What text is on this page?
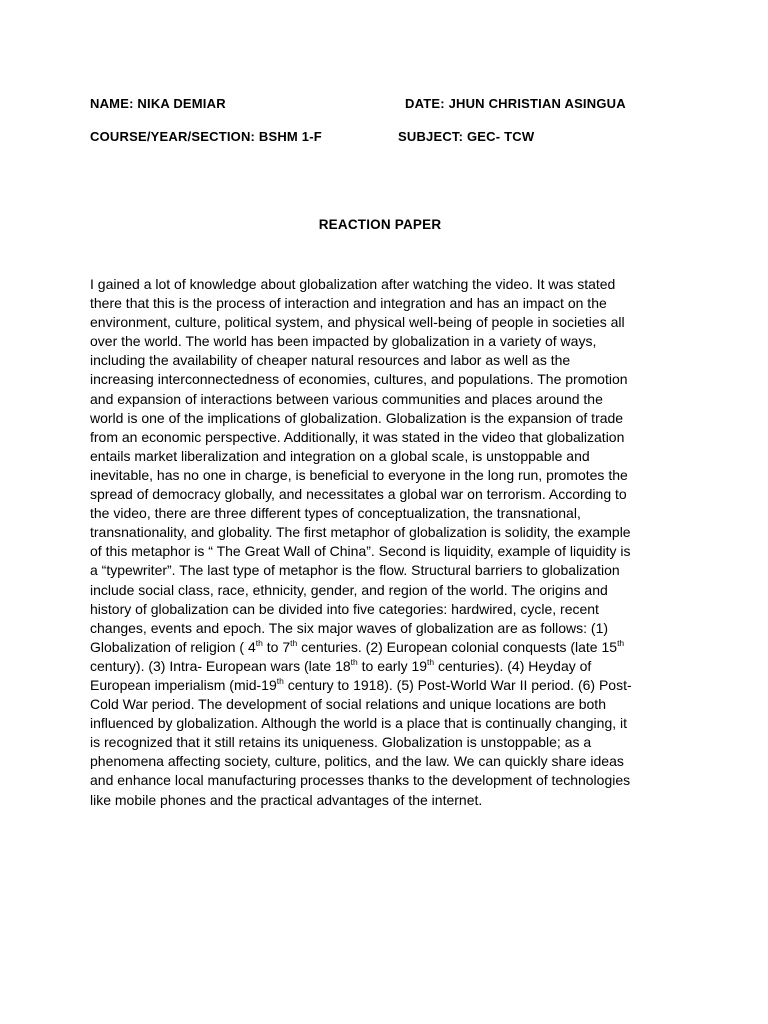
NAME: NIKA DEMIAR	DATE: JHUN CHRISTIAN ASINGUA
COURSE/YEAR/SECTION: BSHM 1-F	SUBJECT: GEC- TCW
REACTION PAPER
I gained a lot of knowledge about globalization after watching the video. It was stated
there that this is the process of interaction and integration and has an impact on the
environment, culture, political system, and physical well-being of people in societies all
over the world. The world has been impacted by globalization in a variety of ways,
including the availability of cheaper natural resources and labor as well as the
increasing interconnectedness of economies, cultures, and populations. The promotion
and expansion of interactions between various communities and places around the
world is one of the implications of globalization. Globalization is the expansion of trade
from an economic perspective. Additionally, it was stated in the video that globalization
entails market liberalization and integration on a global scale, is unstoppable and
inevitable, has no one in charge, is beneficial to everyone in the long run, promotes the
spread of democracy globally, and necessitates a global war on terrorism. According to
the video, there are three different types of conceptualization, the transnational,
transnationality, and globality. The first metaphor of globalization is solidity, the example
of this metaphor is “ The Great Wall of China”. Second is liquidity, example of liquidity is
a “typewriter”. The last type of metaphor is the flow. Structural barriers to globalization
include social class, race, ethnicity, gender, and region of the world. The origins and
history of globalization can be divided into five categories: hardwired, cycle, recent
changes, events and epoch. The six major waves of globalization are as follows: (1)
Globalization of religion ( 4th to 7th centuries. (2) European colonial conquests (late 15th
century). (3) Intra- European wars (late 18th to early 19th centuries). (4) Heyday of
European imperialism (mid-19th century to 1918). (5) Post-World War II period. (6) Post-
Cold War period. The development of social relations and unique locations are both
influenced by globalization. Although the world is a place that is continually changing, it
is recognized that it still retains its uniqueness. Globalization is unstoppable; as a
phenomena affecting society, culture, politics, and the law. We can quickly share ideas
and enhance local manufacturing processes thanks to the development of technologies
like mobile phones and the practical advantages of the internet.
